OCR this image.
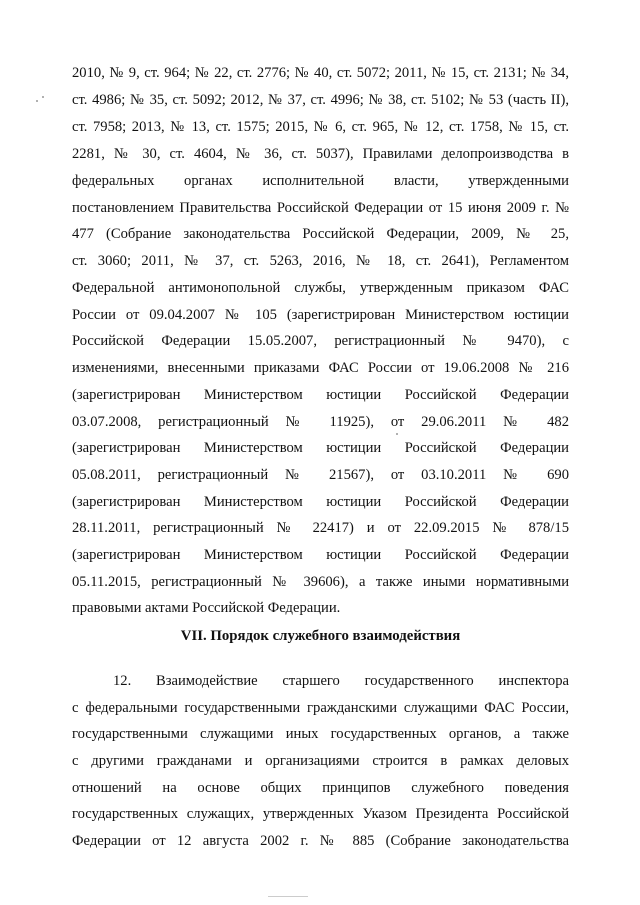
2010, № 9, ст. 964; № 22, ст. 2776; № 40, ст. 5072; 2011, № 15, ст. 2131; № 34,
ст. 4986; № 35, ст. 5092; 2012, № 37, ст. 4996; № 38, ст. 5102; № 53 (часть II),
ст. 7958; 2013, № 13, ст. 1575; 2015, № 6, ст. 965, № 12, ст. 1758, № 15, ст.
2281, № 30, ст. 4604, № 36, ст. 5037), Правилами делопроизводства в
федеральных органах исполнительной власти, утвержденными
постановлением Правительства Российской Федерации от 15 июня 2009 г. №
477 (Собрание законодательства Российской Федерации, 2009, № 25,
ст. 3060; 2011, № 37, ст. 5263, 2016, № 18, ст. 2641), Регламентом
Федеральной антимонопольной службы, утвержденным приказом ФАС
России от 09.04.2007 № 105 (зарегистрирован Министерством юстиции
Российской Федерации 15.05.2007, регистрационный № 9470), с
изменениями, внесенными приказами ФАС России от 19.06.2008 № 216
(зарегистрирован Министерством юстиции Российской Федерации
03.07.2008, регистрационный № 11925), от 29.06.2011 № 482
(зарегистрирован Министерством юстиции Российской Федерации
05.08.2011, регистрационный № 21567), от 03.10.2011 № 690
(зарегистрирован Министерством юстиции Российской Федерации
28.11.2011, регистрационный № 22417) и от 22.09.2015 № 878/15
(зарегистрирован Министерством юстиции Российской Федерации
05.11.2015, регистрационный № 39606), а также иными нормативными
правовыми актами Российской Федерации.
VII. Порядок служебного взаимодействия
12. Взаимодействие старшего государственного инспектора
с федеральными государственными гражданскими служащими ФАС России,
государственными служащими иных государственных органов, а также
с другими гражданами и организациями строится в рамках деловых
отношений на основе общих принципов служебного поведения
государственных служащих, утвержденных Указом Президента Российской
Федерации от 12 августа 2002 г. № 885 (Собрание законодательства
